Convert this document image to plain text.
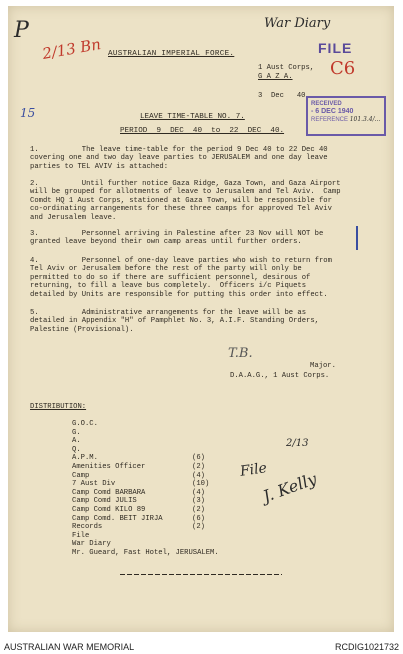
P
2/13 Bn
War Diary
C6
15
2/13
File
J. Kelly
T.B.
FILE
RECEIVED
- 6 DEC 1940
REFERENCE 101.3.4/...
AUSTRALIAN IMPERIAL FORCE.
1 Aust Corps,
G A Z A.
3  Dec   40
LEAVE TIME-TABLE NO. 7.
PERIOD  9  DEC  40  to  22  DEC  40.
1.          The leave time-table for the period 9 Dec 40 to 22 Dec 40
covering one and two day leave parties to JERUSALEM and one day leave
parties to TEL AVIV is attached:
2.          Until further notice Gaza Ridge, Gaza Town, and Gaza Airport
will be grouped for allotments of leave to Jerusalem and Tel Aviv.  Camp
Comdt HQ 1 Aust Corps, stationed at Gaza Town, will be responsible for
co-ordinating arrangements for these three camps for approved Tel Aviv
and Jerusalem leave.
3.          Personnel arriving in Palestine after 23 Nov will NOT be
granted leave beyond their own camp areas until further orders.
4.          Personnel of one-day leave parties who wish to return from
Tel Aviv or Jerusalem before the rest of the party will only be
permitted to do so if there are sufficient personnel, desirous of
returning, to fill a leave bus completely.  Officers i/c Piquets
detailed by Units are responsible for putting this order into effect.
5.          Administrative arrangements for the leave will be as
detailed in Appendix "H" of Pamphlet No. 3, A.I.F. Standing Orders,
Palestine (Provisional).
Major.
D.A.A.G., 1 Aust Corps.
DISTRIBUTION:
G.O.C.
G.
A.
Q.
A.P.M.	(6)
Amenities Officer	(2)
Camp	(4)
7 Aust Div	(10)
Camp Comd BARBARA	(4)
Camp Comd JULIS	(3)
Camp Comd KILO 89	(2)
Camp Comd. BEIT JIRJA	(6)
Records	(2)
File
War Diary
Mr. Gueard, Fast Hotel, JERUSALEM.
AUSTRALIAN WAR MEMORIAL	RCDIG1021732
